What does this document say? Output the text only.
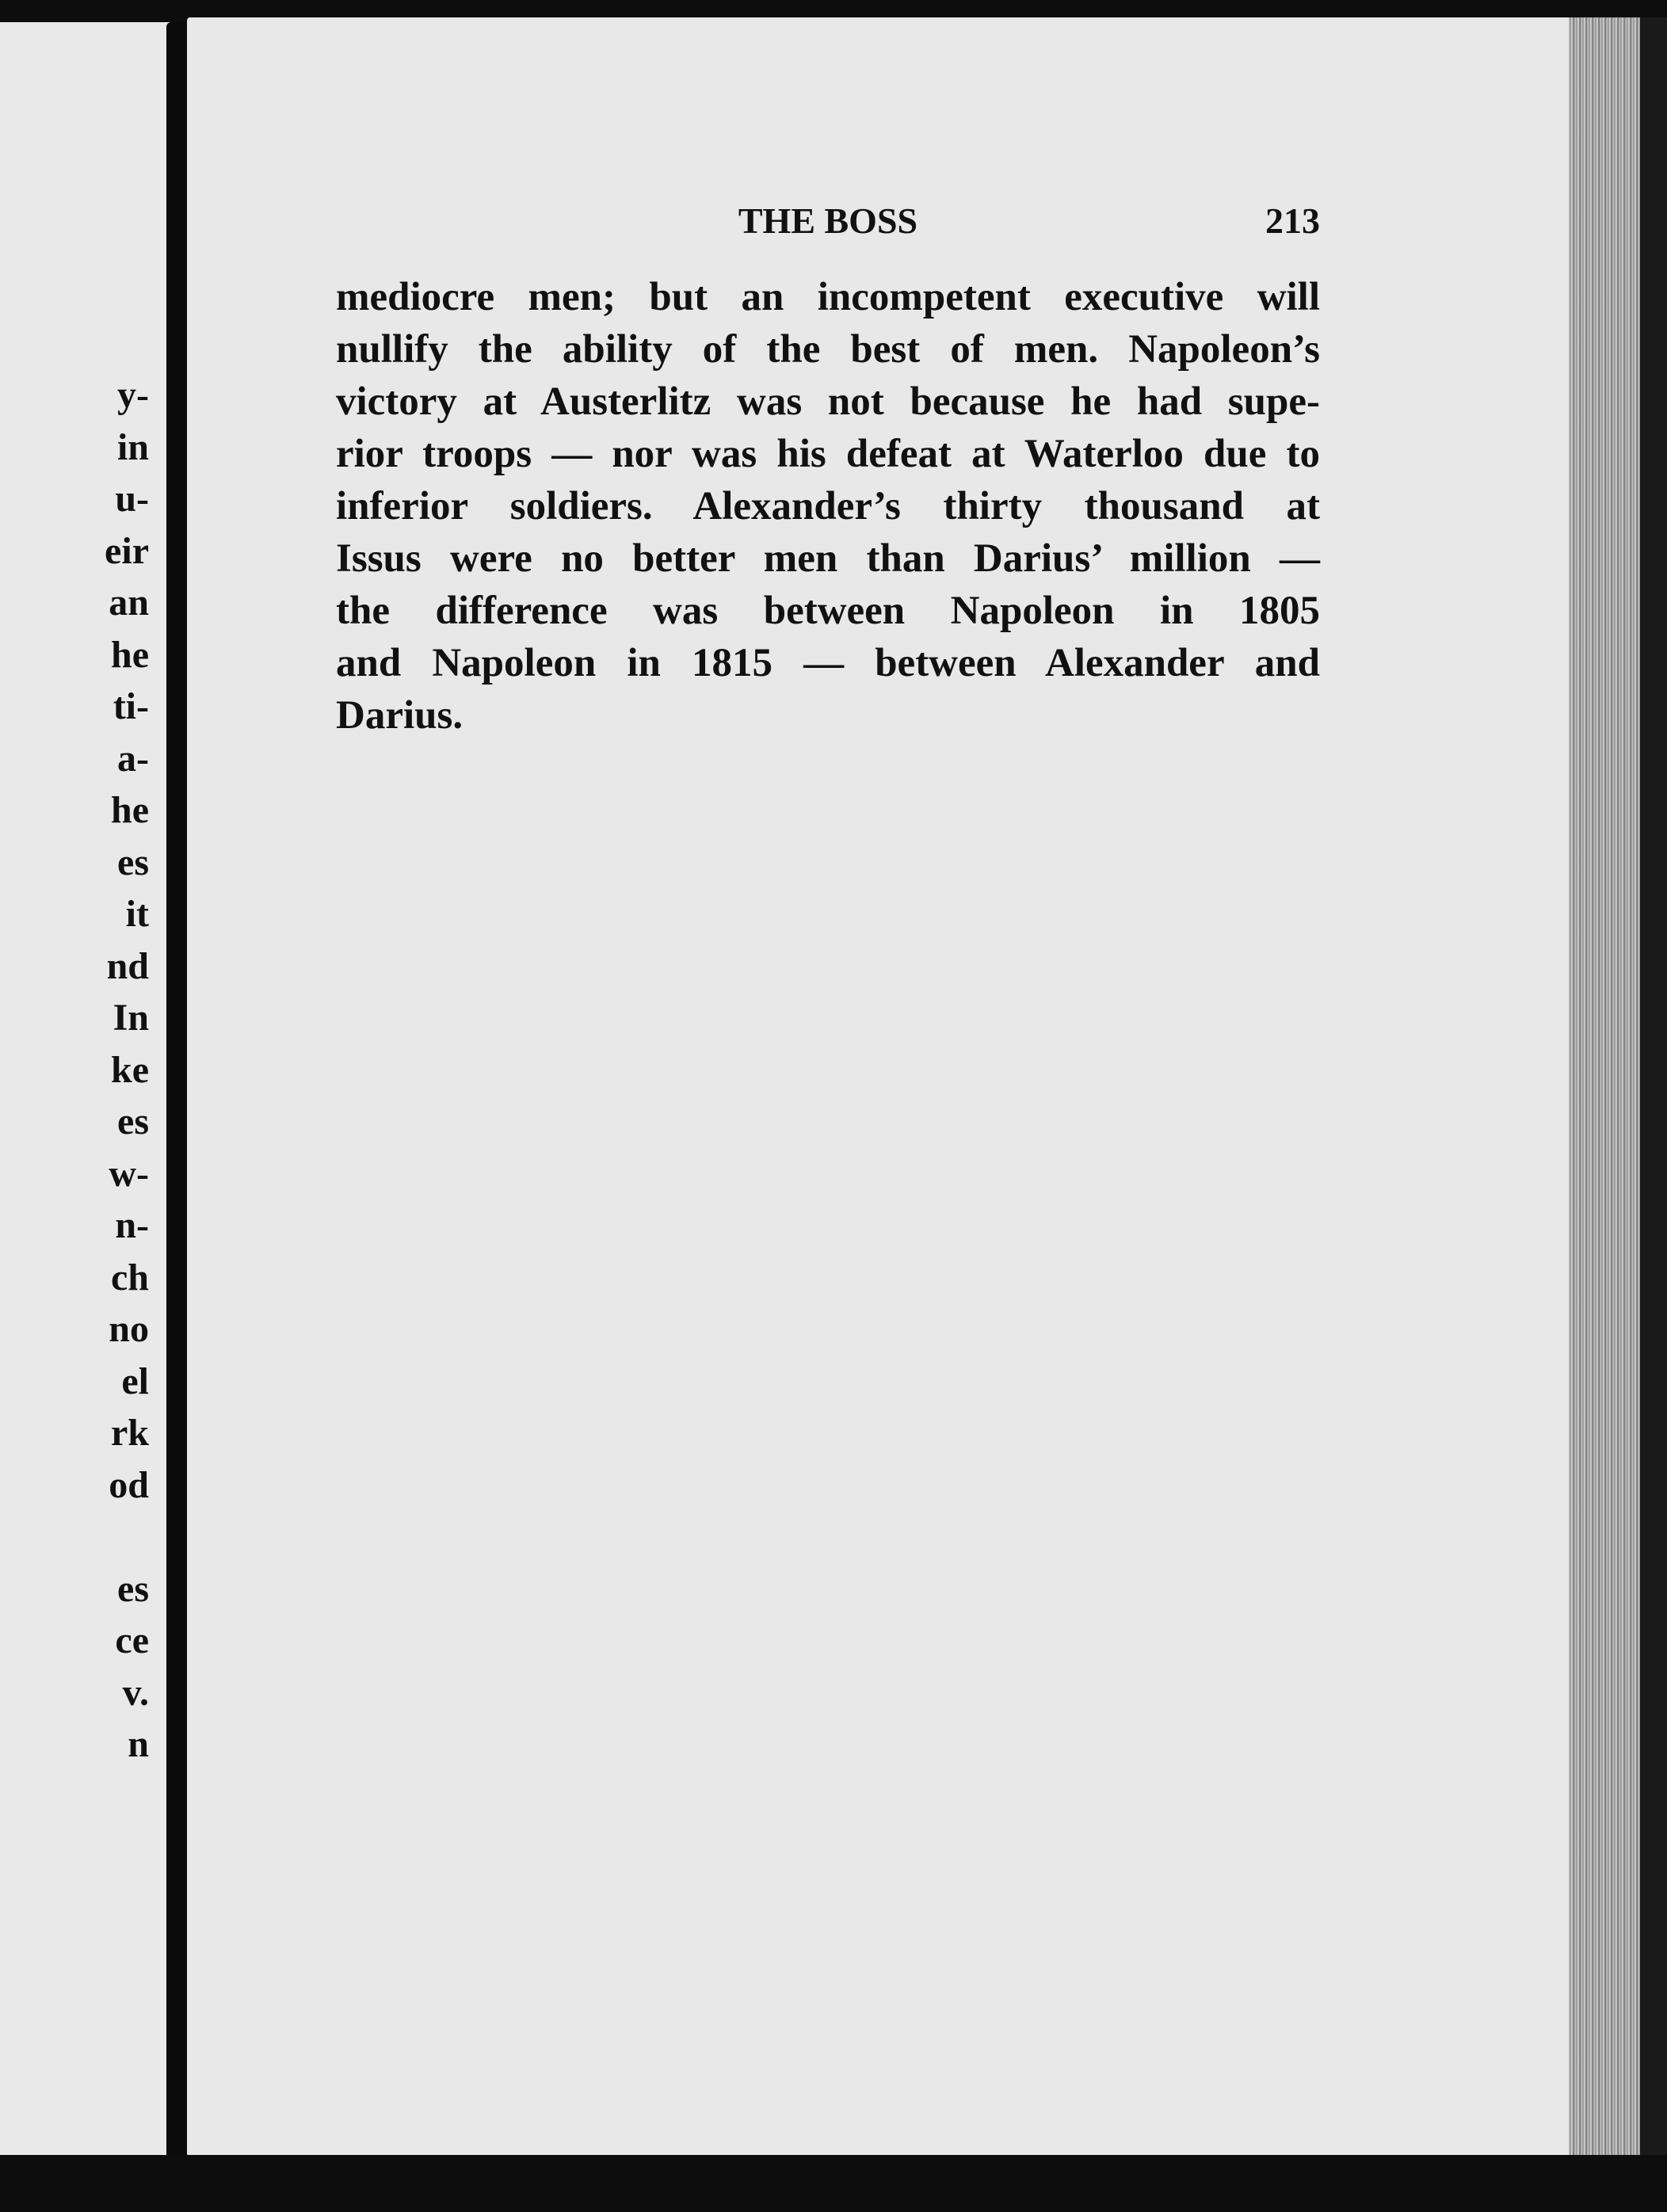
y-
in
u-
eir
an
he
ti-
a-
he
es
it
nd
In
ke
es
w-
n-
ch
no
el
rk
od
es
ce
v.
n
THE BOSS	213
mediocre men; but an incompetent executive will
nullify the ability of the best of men. Napoleon’s
victory at Austerlitz was not because he had supe-
rior troops — nor was his defeat at Waterloo due to
inferior soldiers. Alexander’s thirty thousand at
Issus were no better men than Darius’ million —
the difference was between Napoleon in 1805
and Napoleon in 1815 — between Alexander and
Darius.
